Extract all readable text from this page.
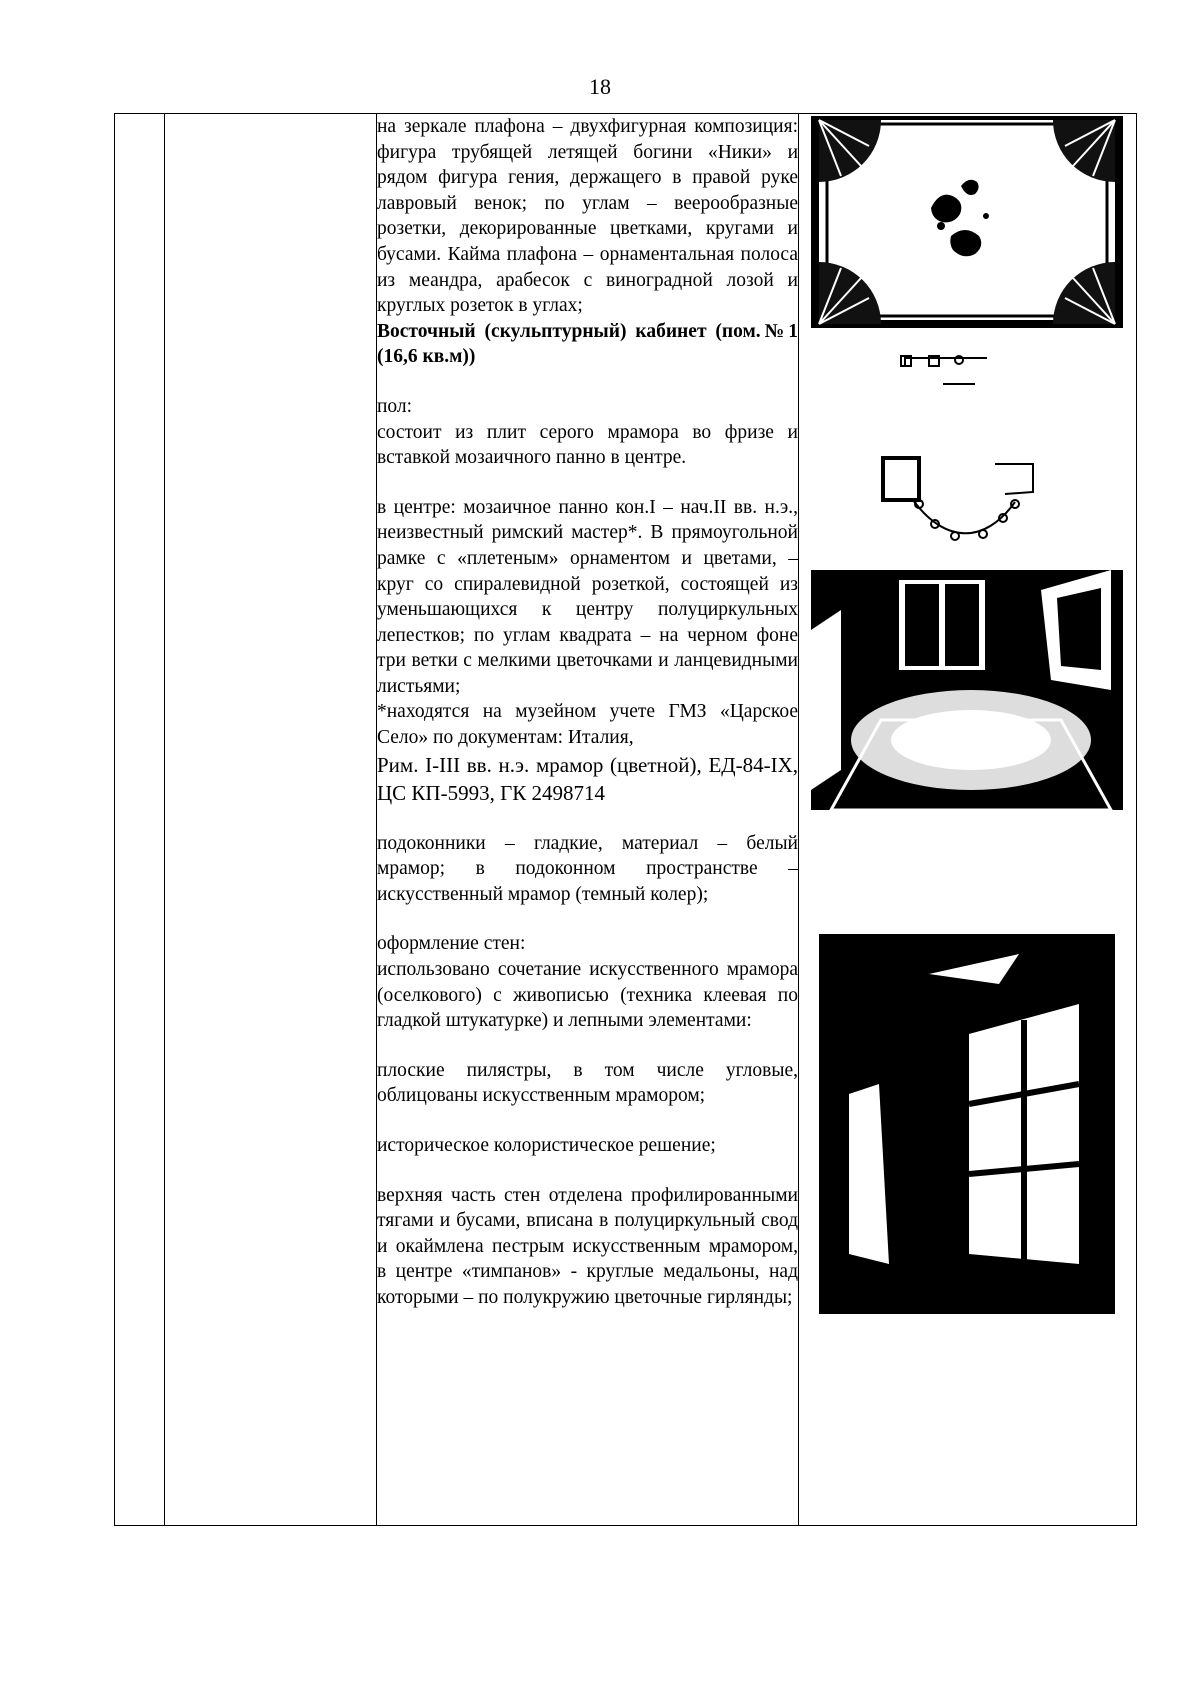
18

на зеркале плафона – двухфигурная композиция: фигура трубящей летящей богини «Ники» и рядом фигура гения, держащего в правой руке лавровый венок; по углам – веерообразные розетки, декорированные цветками, кругами и бусами. Кайма плафона – орнаментальная полоса из меандра, арабесок с виноградной лозой и круглых розеток в углах;

Восточный (скульптурный) кабинет (пом.№1 (16,6 кв.м))

пол:

состоит из плит серого мрамора во фризе и вставкой мозаичного панно в центре.

в центре: мозаичное панно кон.I – нач.II вв. н.э., неизвестный римский мастер*. В прямоугольной рамке с «плетеным» орнаментом и цветами, – круг со спиралевидной розеткой, состоящей из уменьшающихся к центру полуциркульных лепестков; по углам квадрата – на черном фоне три ветки с мелкими цветочками и ланцевидными листьями;

*находятся на музейном учете ГМЗ «Царское Село» по документам: Италия,

Рим. I-III вв. н.э. мрамор (цветной), ЕД-84-IX, ЦС КП-5993, ГК 2498714

подоконники – гладкие, материал – белый мрамор; в подоконном пространстве – искусственный мрамор (темный колер);

оформление стен:

использовано сочетание искусственного мрамора (оселкового) с живописью (техника клеевая по гладкой штукатурке) и лепными элементами:

плоские пилястры, в том числе угловые, облицованы искусственным мрамором;

историческое колористическое решение;

верхняя часть стен отделена профилированными тягами и бусами, вписана в полуциркульный свод и окаймлена пестрым искусственным мрамором, в центре «тимпанов» - круглые медальоны, над которыми – по полукружию цветочные гирлянды;
